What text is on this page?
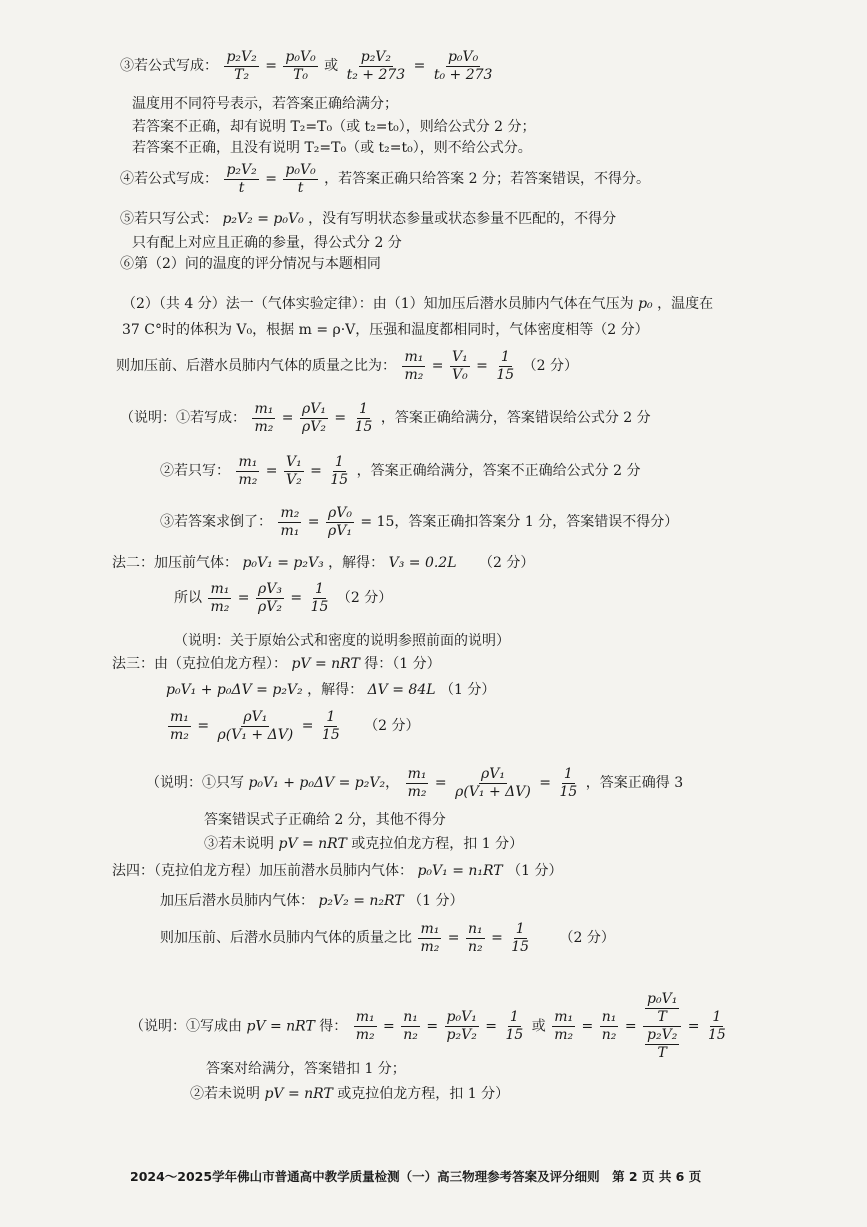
③若公式写成： $\frac{\text{p₂V₂}}{\text{T₂}} = \frac{\text{p₀V₀}}{\text{T₀}}$ 或 $\frac{\text{p₂V₂}}{\text{t₂ + 273}} = \frac{\text{p₀V₀}}{\text{t₀ + 273}}$
温度用不同符号表示，若答案正确给满分；
若答案不正确，却有说明 T₂=T₀（或 t₂=t₀），则给公式分 2 分；
若答案不正确，且没有说明 T₂=T₀（或 t₂=t₀），则不给公式分。
④若公式写成： $\frac{\text{p₂V₂}}{t} = \frac{\text{p₀V₀}}{t}$ ，若答案正确只给答案 2 分；若答案错误，不得分。
⑤若只写公式： p₂V₂ = p₀V₀ ，没有写明状态参量或状态参量不匹配的，不得分
只有配上对应且正确的参量，得公式分 2 分
⑥第（2）问的温度的评分情况与本题相同
（2）（共 4 分）法一（气体实验定律）：由（1）知加压后潜水员肺内气体在气压为 p₀ ，温度在
37 C°时的体积为 V₀，根据 m = ρ·V，压强和温度都相同时，气体密度相等（2 分）
则加压前、后潜水员肺内气体的质量之比为： $\frac{\text{m₁}}{\text{m₂}} = \frac{\text{V₁}}{\text{V₀}} = \frac{1}{15} (2$ 分）
（说明：①若写成： $\frac{\text{m₁}}{\text{m₂}} = \frac{\text{ρV₁}}{\text{ρV₂}} = \frac{1}{15}$ ，答案正确给满分，答案错误给公式分 2 分
②若只写： $\frac{\text{m₁}}{\text{m₂}} = \frac{\text{V₁}}{\text{V₂}} = \frac{1}{15}$ ，答案正确给满分，答案不正确给公式分 2 分
③若答案求倒了： $\frac{\text{m₂}}{\text{m₁}} = \frac{\text{ρV₀}}{\text{ρV₁}} = 15$，答案正确扣答案分 1 分，答案错误不得分）
法二：加压前气体： p₀V₁ = p₂V₃ ，解得： V₃ = 0.2L （2 分）
所以 $\frac{\text{m₁}}{\text{m₂}} = \frac{\text{ρV₃}}{\text{ρV₂}} = \frac{1}{15} (2$ 分）
（说明：关于原始公式和密度的说明参照前面的说明）
法三：由（克拉伯龙方程）： pV = nRT 得：（1 分）
p₀V₁ + p₀ΔV = p₂V₂ ，解得： ΔV = 84L （1 分）
$\frac{\text{m₁}}{\text{m₂}} = \frac{\text{ρV₁}}{\text{ρ(V₁ + ΔV)}} = \frac{1}{15} (2$ 分）
（说明：①只写 p₀V₁ + p₀ΔV = p₂V₂， $\frac{\text{m₁}}{\text{m₂}} = \frac{\text{ρV₁}}{\text{ρ(V₁ + ΔV)}} = \frac{1}{15}$ ，答案正确得 3
答案错误式子正确给 2 分，其他不得分
③若未说明 pV = nRT 或克拉伯龙方程，扣 1 分）
法四：（克拉伯龙方程）加压前潜水员肺内气体： p₀V₁ = n₁RT （1 分）
加压后潜水员肺内气体： p₂V₂ = n₂RT （1 分）
则加压前、后潜水员肺内气体的质量之比 $\frac{\text{m₁}}{\text{m₂}} = \frac{\text{n₁}}{\text{n₂}} = \frac{1}{15} (2$ 分）
（说明：①写成由 pV = nRT 得： $\frac{\text{m₁}}{\text{m₂}} = \frac{\text{n₁}}{\text{n₂}} = \frac{\text{p₀V₁}}{\text{p₂V₂}} = \frac{1}{15}$ 或 $\frac{\text{m₁}}{\text{m₂}} = \frac{\text{n₁}}{\text{n₂}} = \frac{\frac{\text{p₀V₁}}{T}}{\frac{\text{p₂V₂}}{T}} = \frac{1}{15}$
答案对给满分，答案错扣 1 分；
②若未说明 pV = nRT 或克拉伯龙方程，扣 1 分）
2024～2025学年佛山市普通高中教学质量检测（一）高三物理参考答案及评分细则　第 2 页 共 6 页
